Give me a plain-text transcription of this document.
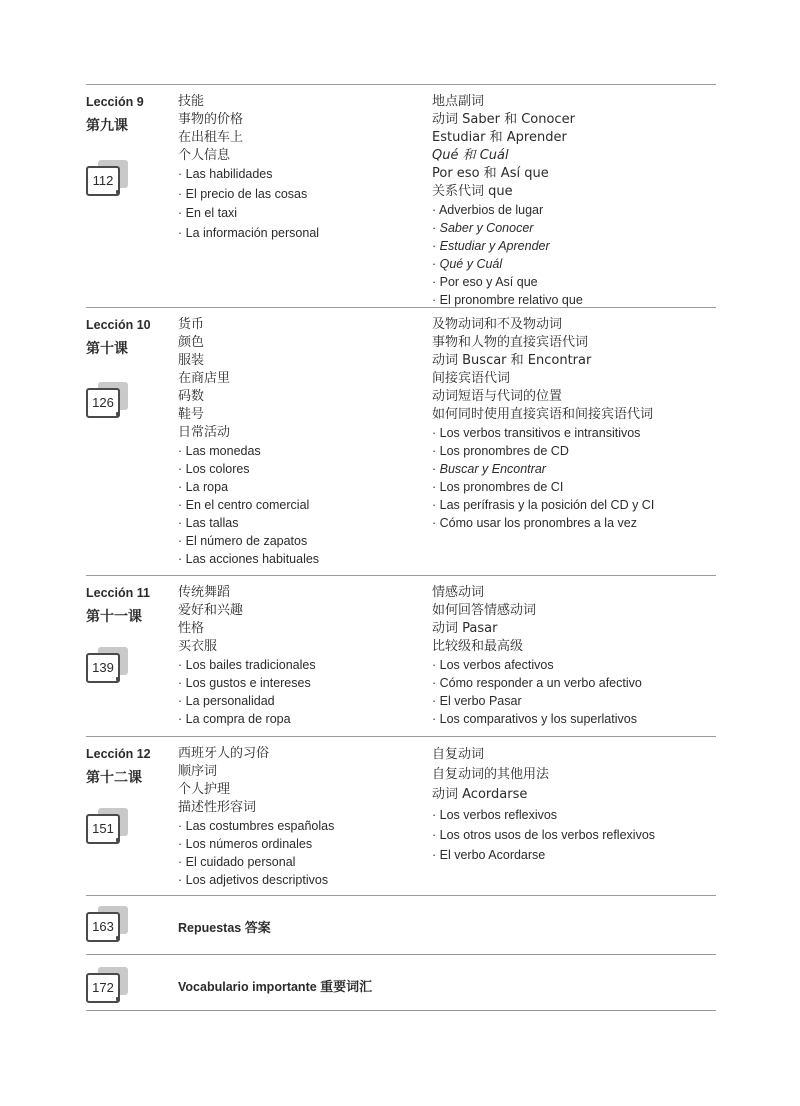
Lección 9
第九课
112
技能
事物的价格
在出租车上
个人信息
· Las habilidades
· El precio de las cosas
· En el taxi
· La información personal
地点副词
动词 Saber 和 Conocer
Estudiar 和 Aprender
Qué 和 Cuál
Por eso 和 Así que
关系代词 que
· Adverbios de lugar
· Saber y Conocer
· Estudiar y Aprender
· Qué y Cuál
· Por eso y Así que
· El pronombre relativo que
Lección 10
第十课
126
货币
颜色
服装
在商店里
码数
鞋号
日常活动
· Las monedas
· Los colores
· La ropa
· En el centro comercial
· Las tallas
· El número de zapatos
· Las acciones habituales
及物动词和不及物动词
事物和人物的直接宾语代词
动词 Buscar 和 Encontrar
间接宾语代词
动词短语与代词的位置
如何同时使用直接宾语和间接宾语代词
· Los verbos transitivos e intransitivos
· Los pronombres de CD
· Buscar y Encontrar
· Los pronombres de CI
· Las perífrasis y la posición del CD y CI
· Cómo usar los pronombres a la vez
Lección 11
第十一课
139
传统舞蹈
爱好和兴趣
性格
买衣服
· Los bailes tradicionales
· Los gustos e intereses
· La personalidad
· La compra de ropa
情感动词
如何回答情感动词
动词 Pasar
比较级和最高级
· Los verbos afectivos
· Cómo responder a un verbo afectivo
· El verbo Pasar
· Los comparativos y los superlativos
Lección 12
第十二课
151
西班牙人的习俗
顺序词
个人护理
描述性形容词
· Las costumbres españolas
· Los números ordinales
· El cuidado personal
· Los adjetivos descriptivos
自复动词
自复动词的其他用法
动词 Acordarse
· Los verbos reflexivos
· Los otros usos de los verbos reflexivos
· El verbo Acordarse
163	Repuestas 答案
172	Vocabulario importante 重要词汇
